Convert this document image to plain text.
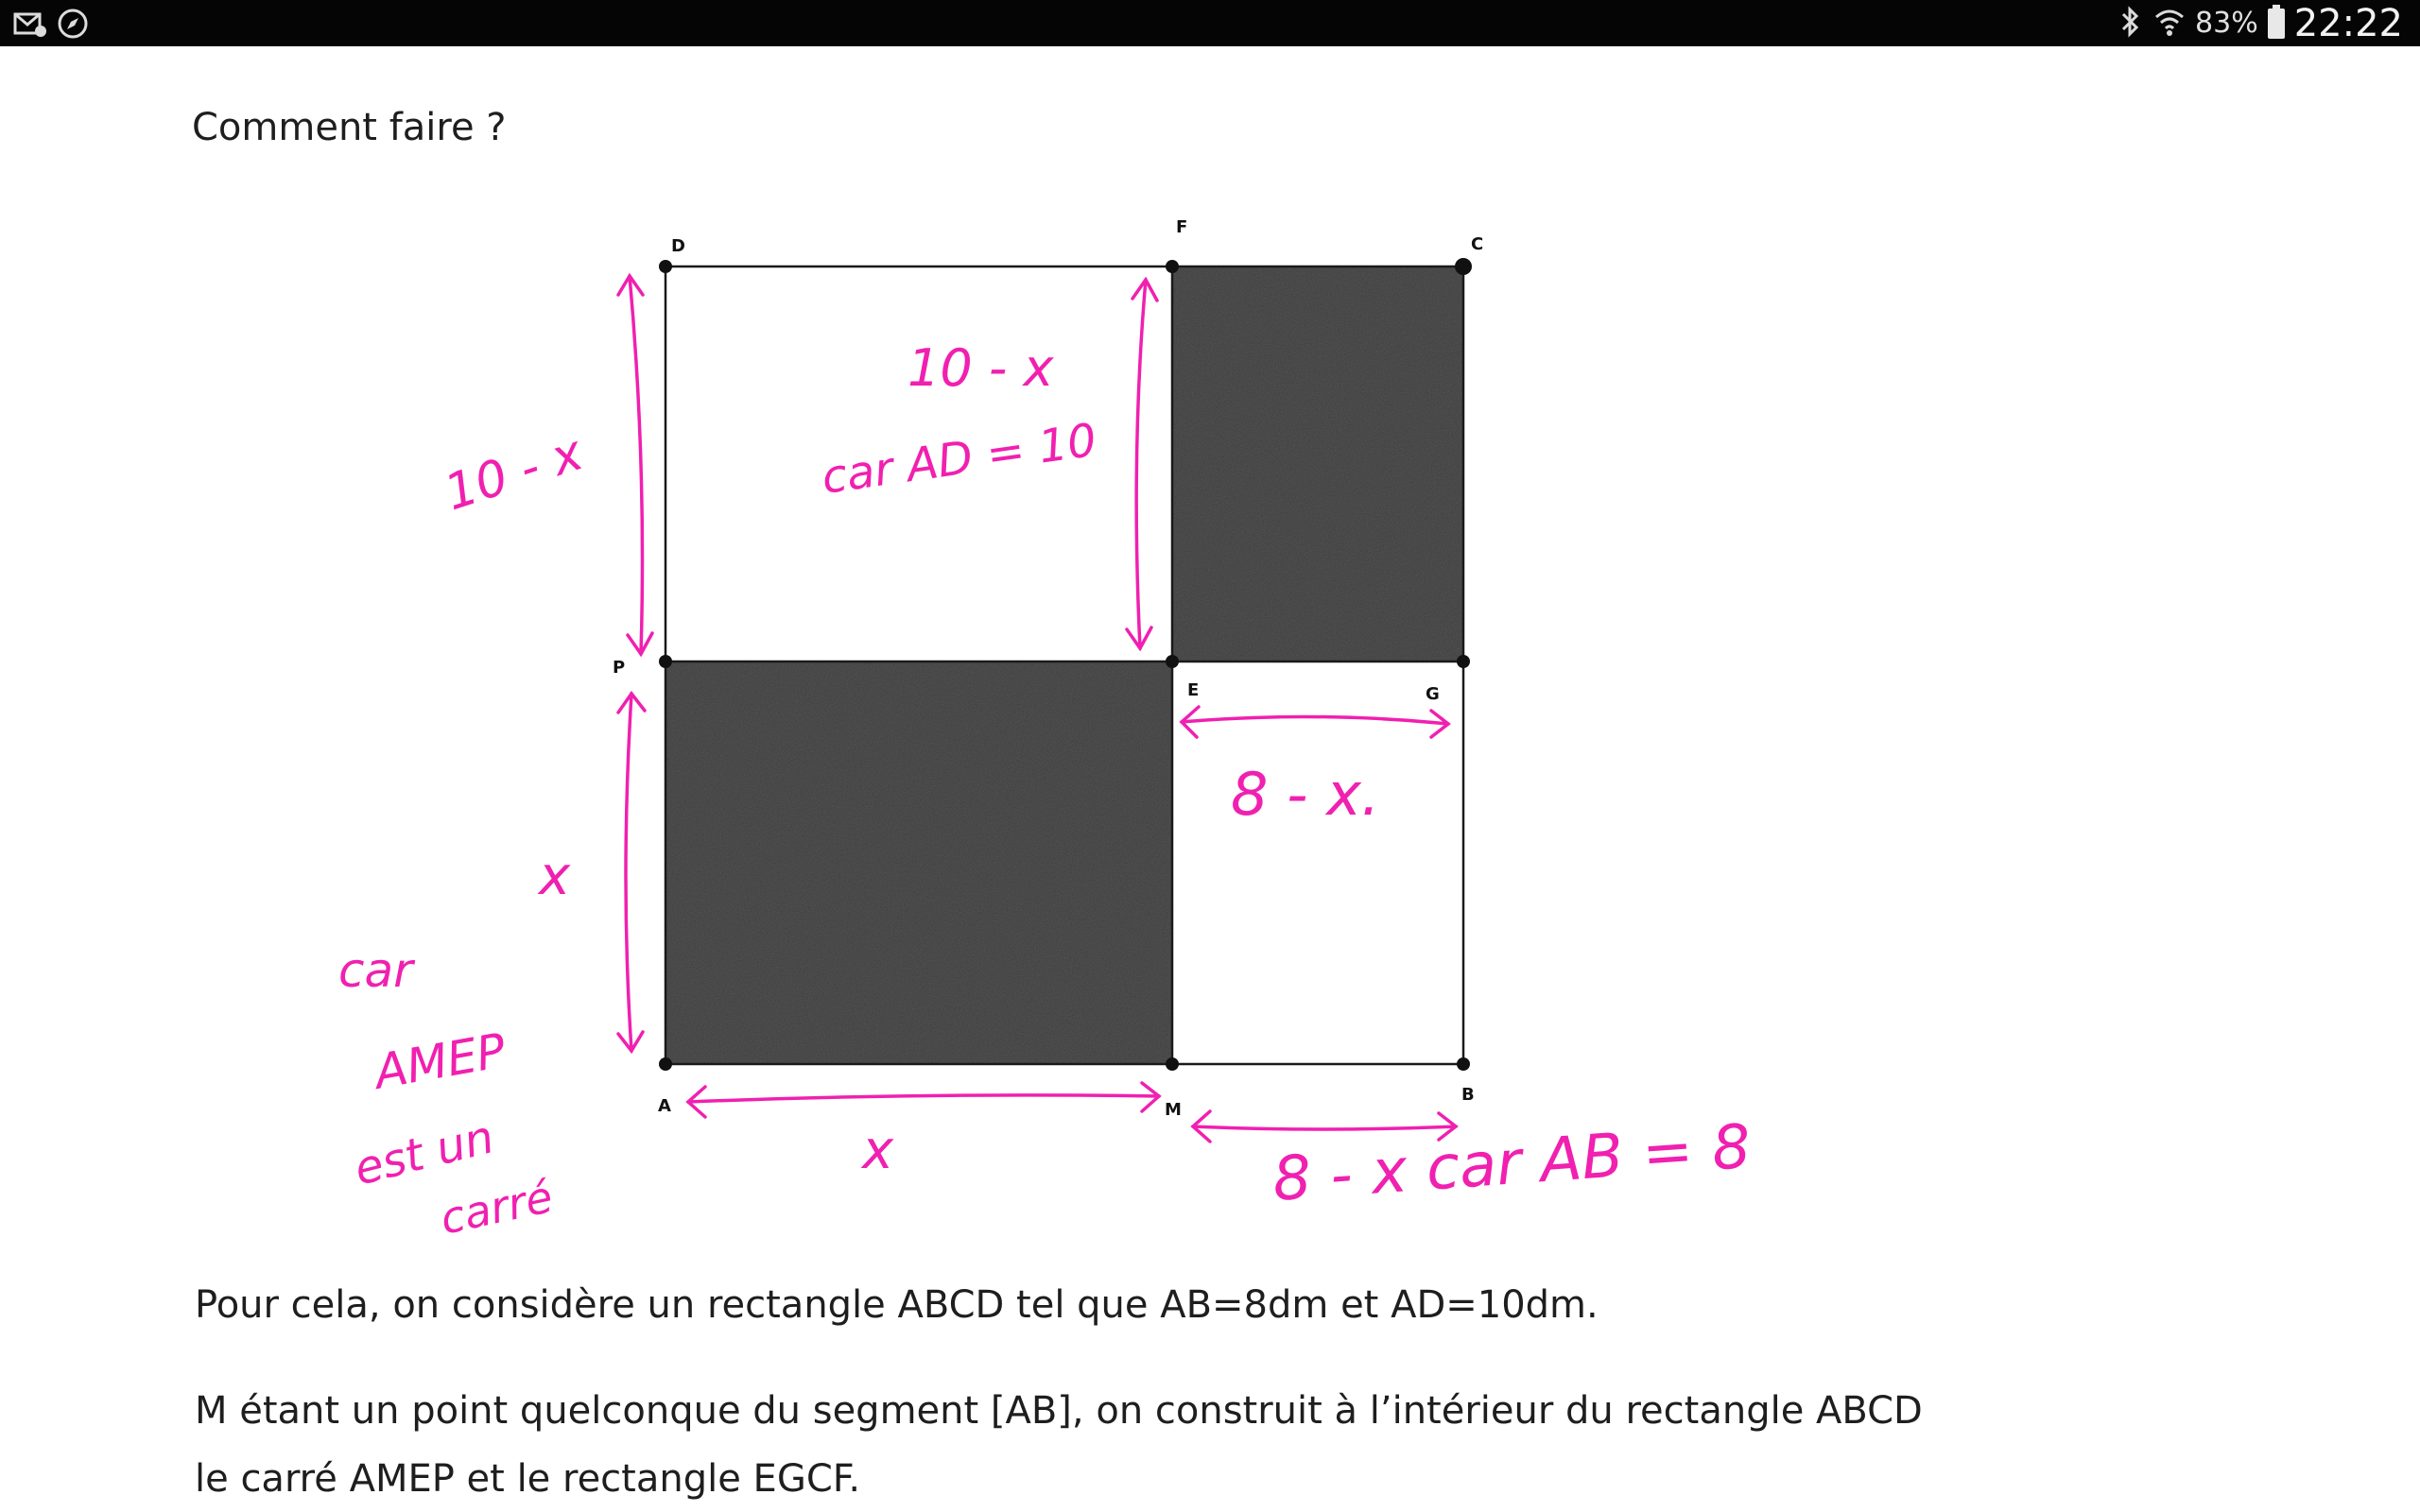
83% 22:22
Comment faire ?
D
F
C
P
E	G
A	M
B
10 - x
10 - x
car AD = 10
8 - x.
x
car
AMEP
est un
carré
x	8 - x car AB = 8
Pour cela, on considère un rectangle ABCD tel que AB=8dm et AD=10dm.
M étant un point quelconque du segment [AB], on construit à l’intérieur du rectangle ABCD
le carré AMEP et le rectangle EGCF.
